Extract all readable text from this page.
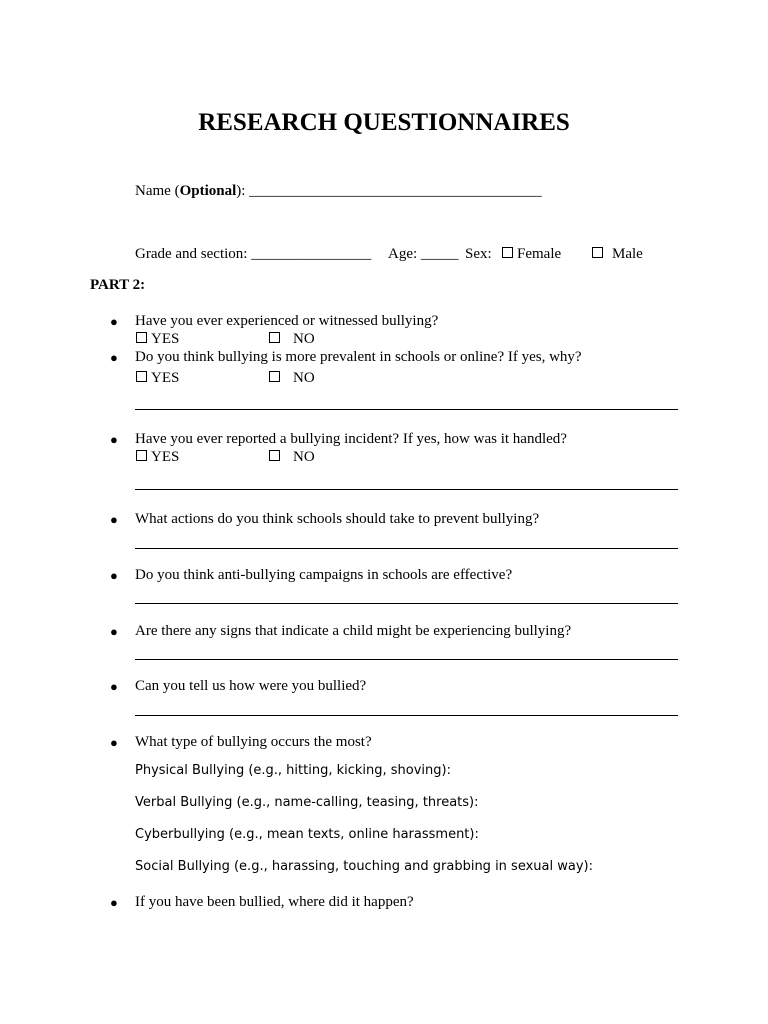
RESEARCH QUESTIONNAIRES
Name (Optional): _______________________________________
Grade and section: ________________ Age: _____ Sex:	Female	Male
PART 2:
● Have you ever experienced or witnessed bullying?
YES	NO
● Do you think bullying is more prevalent in schools or online? If yes, why?
YES	NO
● Have you ever reported a bullying incident? If yes, how was it handled?
YES	NO
● What actions do you think schools should take to prevent bullying?
● Do you think anti-bullying campaigns in schools are effective?
● Are there any signs that indicate a child might be experiencing bullying?
● Can you tell us how were you bullied?
● What type of bullying occurs the most?
Physical Bullying (e.g., hitting, kicking, shoving):
Verbal Bullying (e.g., name-calling, teasing, threats):
Cyberbullying (e.g., mean texts, online harassment):
Social Bullying (e.g., harassing, touching and grabbing in sexual way):
● If you have been bullied, where did it happen?
